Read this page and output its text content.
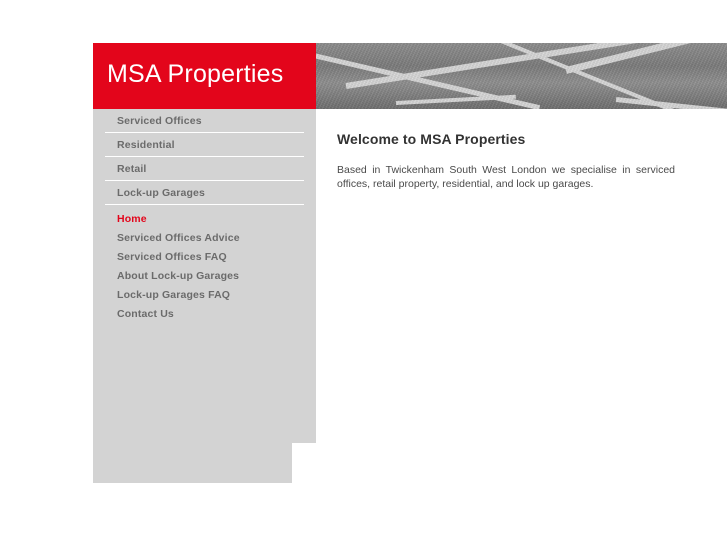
MSA Properties
Serviced Offices
Residential
Retail
Lock-up Garages
Home
Serviced Offices Advice
Serviced Offices FAQ
About Lock-up Garages
Lock-up Garages FAQ
Contact Us
Welcome to MSA Properties

Based in Twickenham South West London we specialise in serviced offices, retail property, residential, and lock up garages.
